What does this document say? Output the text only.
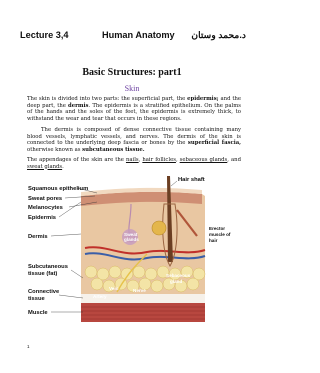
Lecture 3,4	Human Anatomy د.محمد وستان
Basic Structures: part1
Skin

The skin is divided into two parts: the superficial part, the epidermis; and the deep part, the dermis. The epidermis is a stratified epithelium. On the palms of the hands and the soles of the feet, the epidermis is extremely thick, to withstand the wear and tear that occurs in these regions.

The dermis is composed of dense connective tissue containing many blood vessels, lymphatic vessels, and nerves. The dermis of the skin is connected to the underlying deep fascia or bones by the superficial fascia, otherwise known as subcutaneous tissue.

The appendages of the skin are the nails, hair follicles, sebaceous glands, and sweat glands.

Squamous epithelium
Sweat pores
Melanocytes
Epidermis
Dermis
Subcutaneous
tissue (fat)
Connective
tissue
Muscle
Hair shaft
Erector
muscle of
hair
Sweat
glands
Vein
Artery
Nerve
Sebaceous
gland
1
